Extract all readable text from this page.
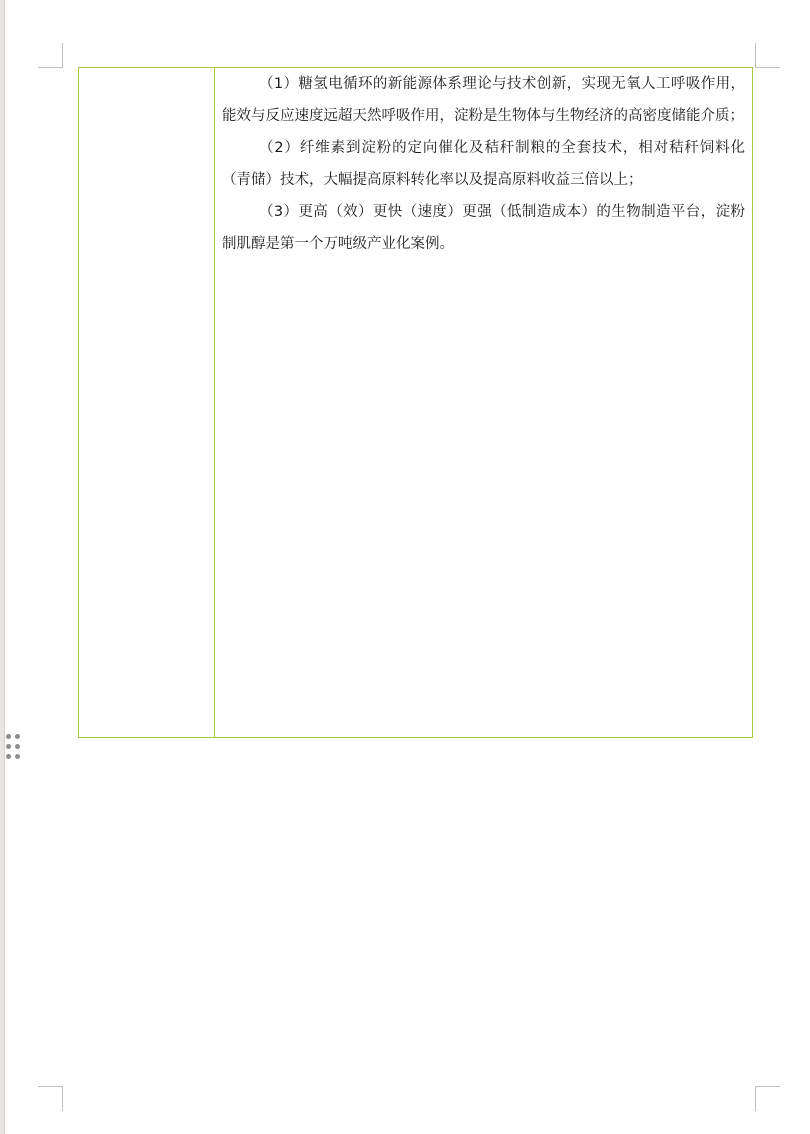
（1）糖氢电循环的新能源体系理论与技术创新，实现无氧人工呼吸作用，能效与反应速度远超天然呼吸作用，淀粉是生物体与生物经济的高密度储能介质；

（2）纤维素到淀粉的定向催化及秸秆制粮的全套技术，相对秸秆饲料化（青储）技术，大幅提高原料转化率以及提高原料收益三倍以上；

（3）更高（效）更快（速度）更强（低制造成本）的生物制造平台，淀粉制肌醇是第一个万吨级产业化案例。
